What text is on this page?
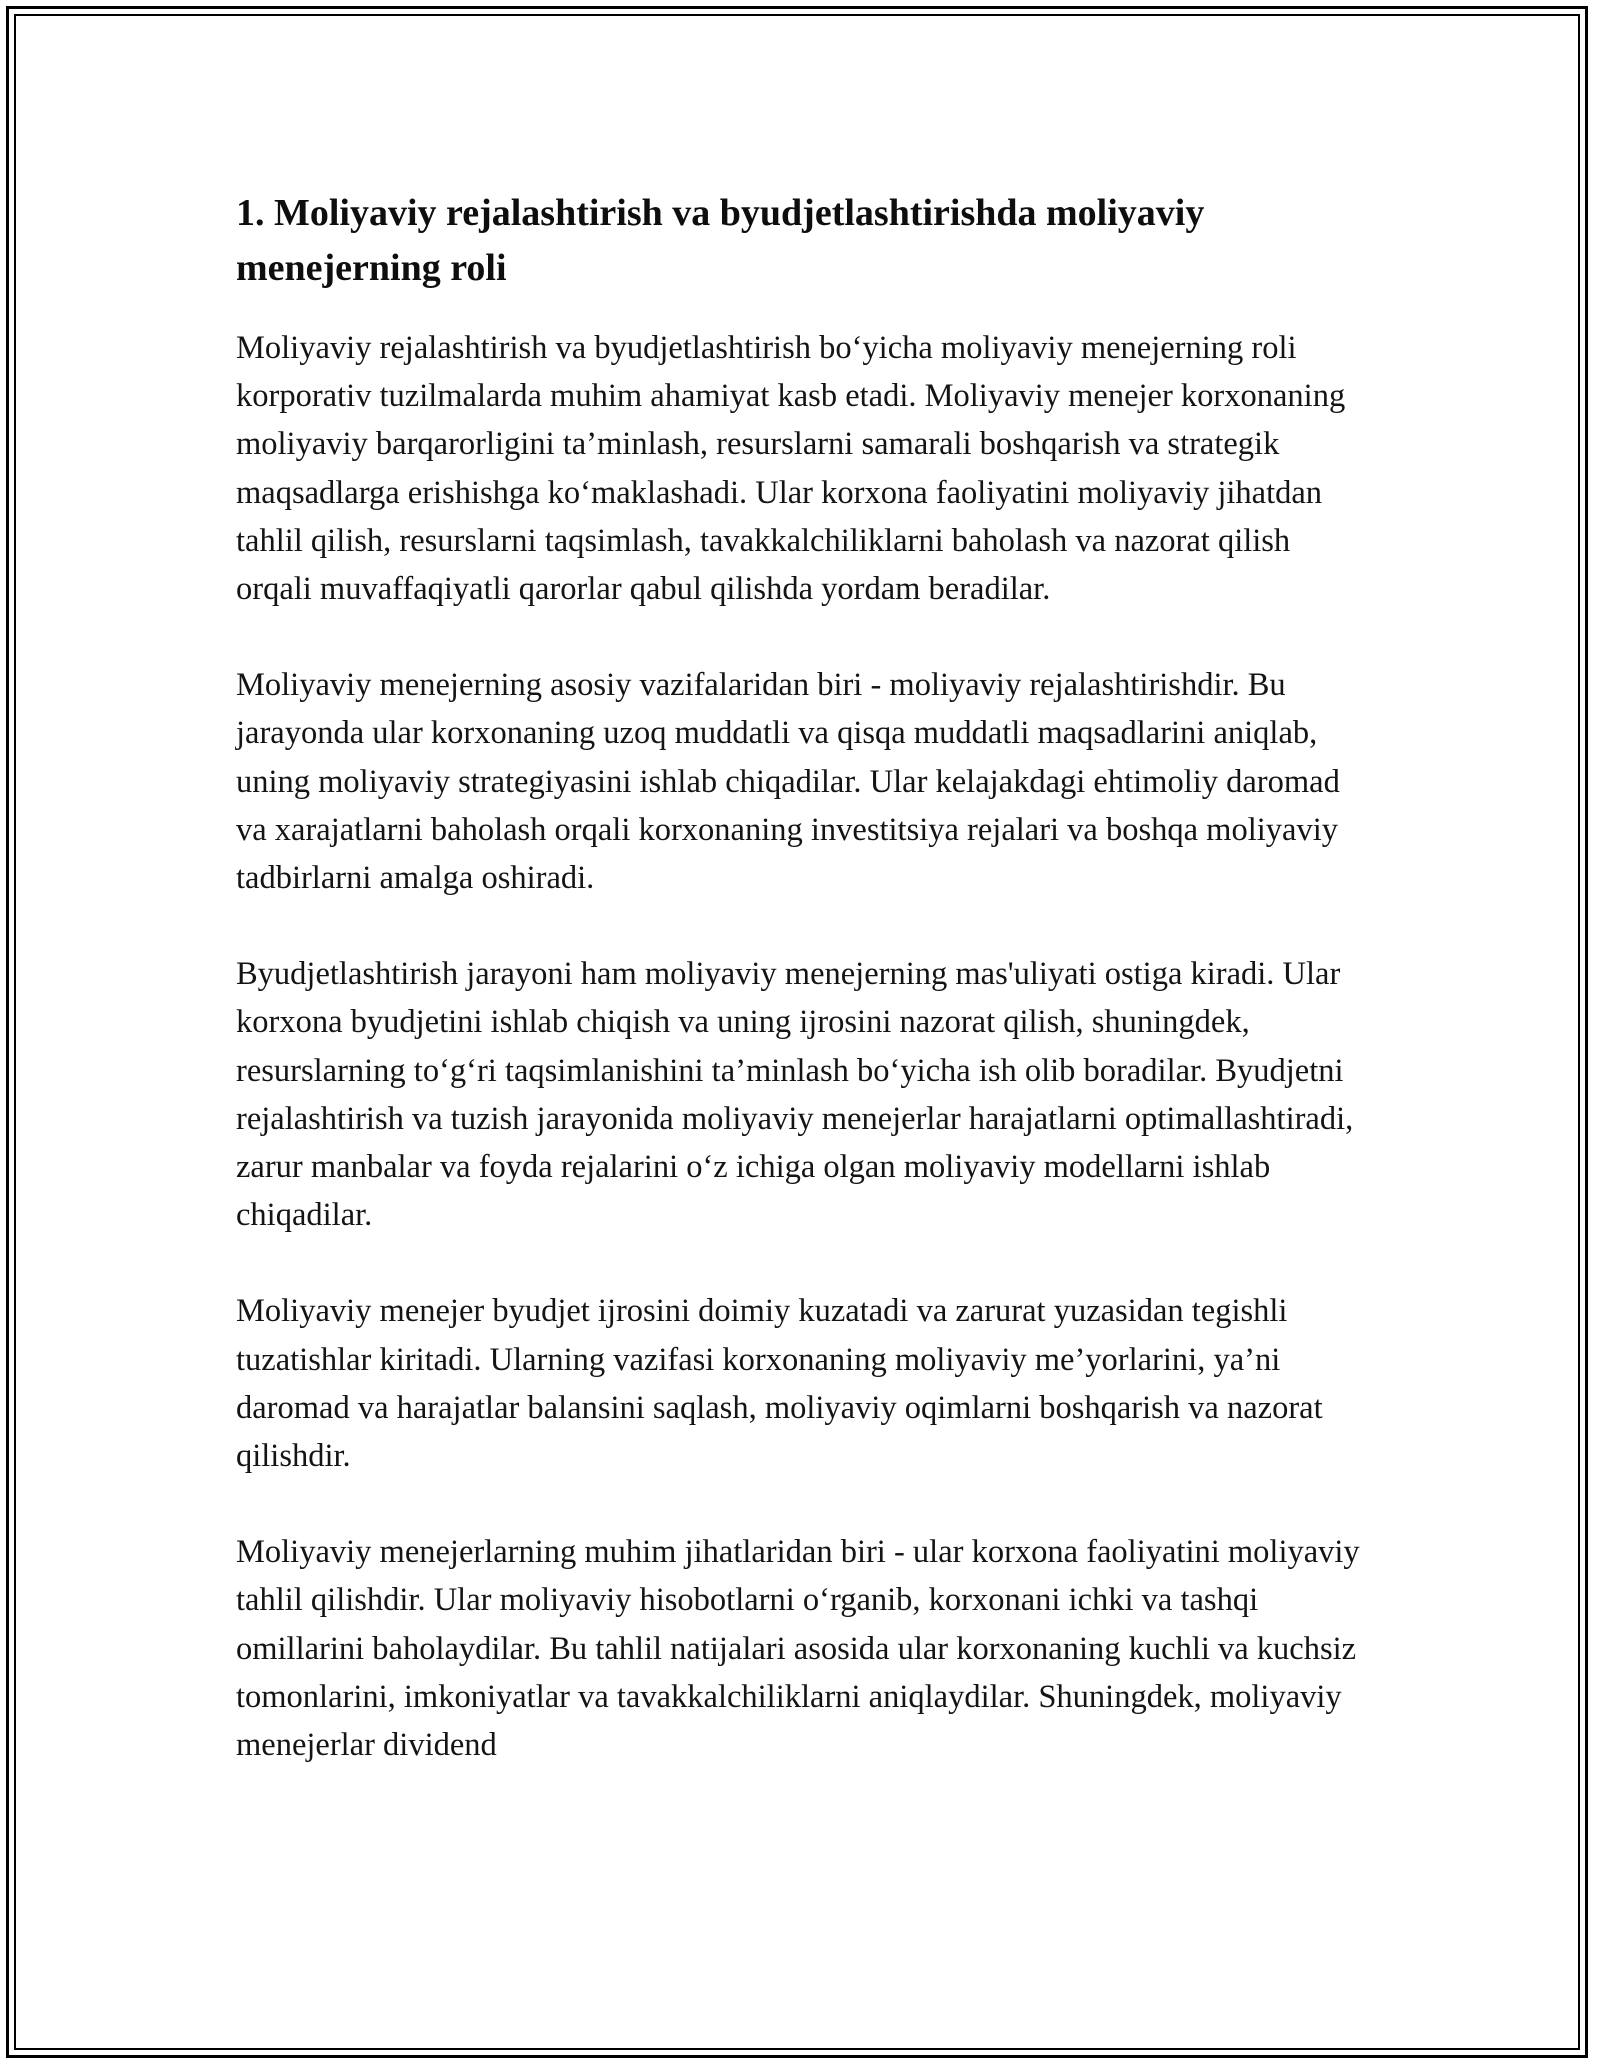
1. Moliyaviy rejalashtirish va byudjetlashtirishda moliyaviy menejerning roli

Moliyaviy rejalashtirish va byudjetlashtirish bo‘yicha moliyaviy menejerning roli korporativ tuzilmalarda muhim ahamiyat kasb etadi. Moliyaviy menejer korxonaning moliyaviy barqarorligini ta’minlash, resurslarni samarali boshqarish va strategik maqsadlarga erishishga ko‘maklashadi. Ular korxona faoliyatini moliyaviy jihatdan tahlil qilish, resurslarni taqsimlash, tavakkalchiliklarni baholash va nazorat qilish orqali muvaffaqiyatli qarorlar qabul qilishda yordam beradilar.

Moliyaviy menejerning asosiy vazifalaridan biri - moliyaviy rejalashtirishdir. Bu jarayonda ular korxonaning uzoq muddatli va qisqa muddatli maqsadlarini aniqlab, uning moliyaviy strategiyasini ishlab chiqadilar. Ular kelajakdagi ehtimoliy daromad va xarajatlarni baholash orqali korxonaning investitsiya rejalari va boshqa moliyaviy tadbirlarni amalga oshiradi.

Byudjetlashtirish jarayoni ham moliyaviy menejerning mas'uliyati ostiga kiradi. Ular korxona byudjetini ishlab chiqish va uning ijrosini nazorat qilish, shuningdek, resurslarning to‘g‘ri taqsimlanishini ta’minlash bo‘yicha ish olib boradilar. Byudjetni rejalashtirish va tuzish jarayonida moliyaviy menejerlar harajatlarni optimallashtiradi, zarur manbalar va foyda rejalarini o‘z ichiga olgan moliyaviy modellarni ishlab chiqadilar.

Moliyaviy menejer byudjet ijrosini doimiy kuzatadi va zarurat yuzasidan tegishli tuzatishlar kiritadi. Ularning vazifasi korxonaning moliyaviy me’yorlarini, ya’ni daromad va harajatlar balansini saqlash, moliyaviy oqimlarni boshqarish va nazorat qilishdir.

Moliyaviy menejerlarning muhim jihatlaridan biri - ular korxona faoliyatini moliyaviy tahlil qilishdir. Ular moliyaviy hisobotlarni o‘rganib, korxonani ichki va tashqi omillarini baholaydilar. Bu tahlil natijalari asosida ular korxonaning kuchli va kuchsiz tomonlarini, imkoniyatlar va tavakkalchiliklarni aniqlaydilar. Shuningdek, moliyaviy menejerlar dividend
